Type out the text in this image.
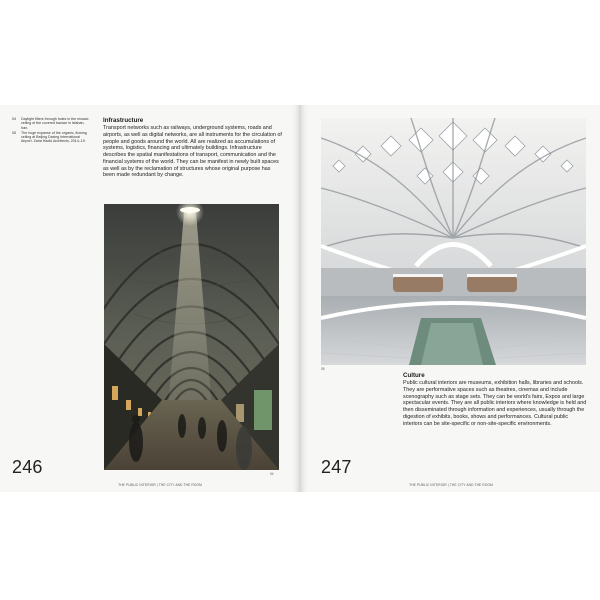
04	Daylight filters through holes in the mosaic ceiling of the covered bazaar in Isfahan, Iran.
05	The huge expanse of the organic, flowing ceiling at Beijing Daxing International Airport. Zaha Hadid Architects, 2014–19.
Infrastructure
Transport networks such as railways, underground systems, roads and airports, as well as digital networks, are all instruments for the circulation of people and goods around the world. All are realized as accumulations of systems, logistics, financing and ultimately buildings. Infrastructure describes the spatial manifestations of transport, communication and the financial systems of the world. They can be manifest in newly built spaces as well as by the reclamation of structures whose original purpose has been made redundant by change.
04
246
THE PUBLIC INTERIOR | THE CITY AND THE ROOM
05
Culture
Public cultural interiors are museums, exhibition halls, libraries and schools. They are performative spaces such as theatres, cinemas and include scenography such as stage sets. They can be world's fairs, Expos and large spectacular events. They are all public interiors where knowledge is held and then disseminated through information and experiences, usually through the digestion of exhibits, books, shows and performances. Cultural public interiors can be site-specific or non-site-specific environments.
247
THE PUBLIC INTERIOR | THE CITY AND THE ROOM
